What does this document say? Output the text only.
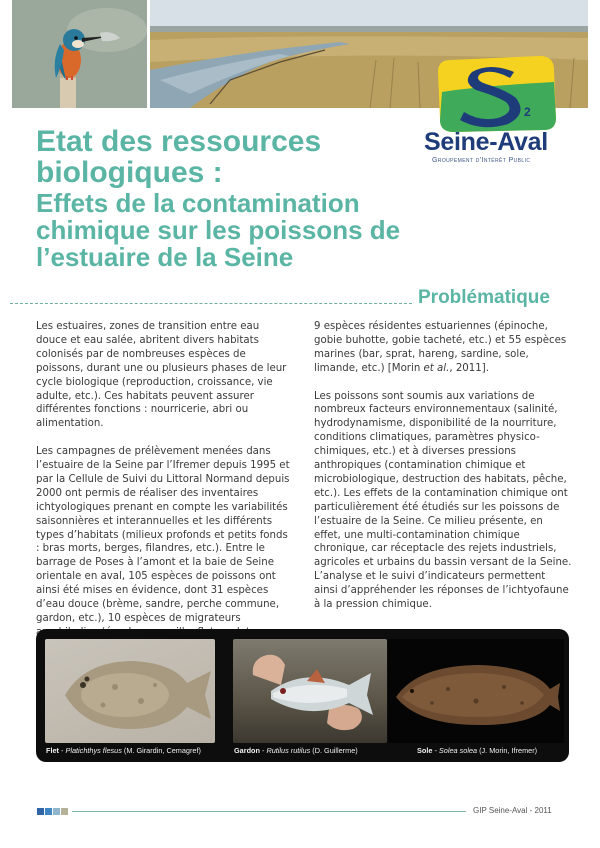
2
Seine-Aval
Groupement d'Intérêt Public
Etat des ressources biologiques :
Effets de la contamination chimique sur les poissons de l’estuaire de la Seine
Problématique

Les estuaires, zones de transition entre eau douce et eau salée, abritent divers habitats colonisés par de nombreuses espèces de poissons, durant une ou plusieurs phases de leur cycle biologique (reproduction, croissance, vie adulte, etc.). Ces habitats peuvent assurer différentes fonctions : nourricerie, abri ou alimentation.

Les campagnes de prélèvement menées dans l’estuaire de la Seine par l’Ifremer depuis 1995 et par la Cellule de Suivi du Littoral Normand depuis 2000 ont permis de réaliser des inventaires ichtyologiques prenant en compte les variabilités saisonnières et interannuelles et les différents types d’habitats (milieux profonds et petits fonds : bras morts, berges, filandres, etc.). Entre le barrage de Poses à l’amont et la baie de Seine orientale en aval, 105 espèces de poissons ont ainsi été mises en évidence, dont 31 espèces d’eau douce (brème, sandre, perche commune, gardon, etc.), 10 espèces de migrateurs

9 espèces résidentes estuariennes (épinoche, gobie buhotte, gobie tacheté, etc.) et 55 espèces marines (bar, sprat, hareng, sardine, sole, limande, etc.) [Morin et al., 2011].

Les poissons sont soumis aux variations de nombreux facteurs environnementaux (salinité, hydrodynamisme, disponibilité de la nourriture, conditions climatiques, paramètres physico-chimiques, etc.) et à diverses pressions anthropiques (contamination chimique et microbiologique, destruction des habitats, pêche, etc.). Les effets de la contamination chimique ont particulièrement été étudiés sur les poissons de l’estuaire de la Seine. Ce milieu présente, en effet, une multi-contamination chimique chronique, car réceptacle des rejets industriels, agricoles et urbains du bassin versant de la Seine. L’analyse et le suivi d’indicateurs permettent ainsi d’appréhender les réponses de l’ichtyofaune à la pression chimique.

Flet - Platichthys flesus (M. Girardin, Cemagref)	Gardon - Rutilus rutilus (D. Guillerme)	Sole - Solea solea (J. Morin, Ifremer)
GIP Seine-Aval - 2011
